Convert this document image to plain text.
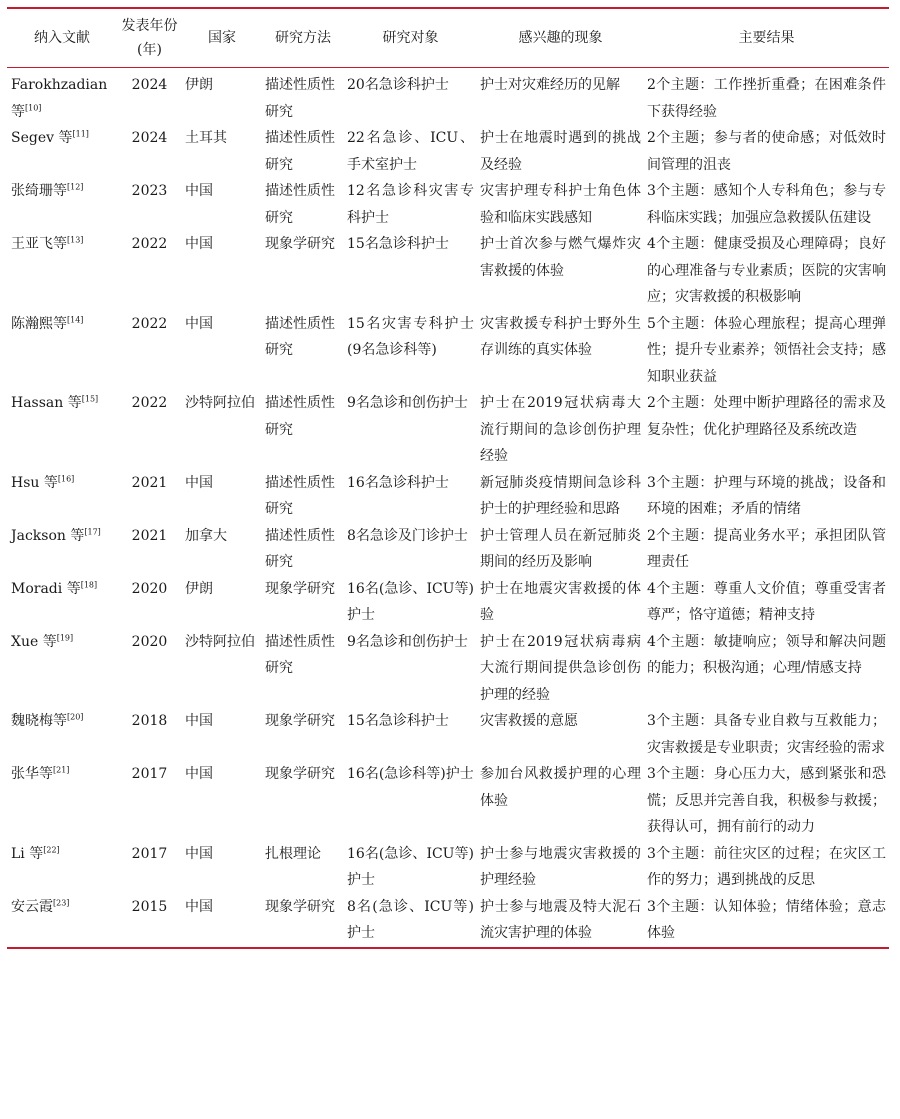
纳入文献	发表年份(年)	国家	研究方法	研究对象	感兴趣的现象	主要结果
Farokhzadian等[10]	2024	伊朗	描述性质性研究	20名急诊科护士	护士对灾难经历的见解	2个主题：工作挫折重叠；在困难条件下获得经验
Segev 等[11]	2024	土耳其	描述性质性研究	22名急诊、ICU、手术室护士	护士在地震时遇到的挑战及经验	2个主题；参与者的使命感；对低效时间管理的沮丧
张绮珊等[12]	2023	中国	描述性质性研究	12名急诊科灾害专科护士	灾害护理专科护士角色体验和临床实践感知	3个主题：感知个人专科角色；参与专科临床实践；加强应急救援队伍建设
王亚飞等[13]	2022	中国	现象学研究	15名急诊科护士	护士首次参与燃气爆炸灾害救援的体验	4个主题：健康受损及心理障碍；良好的心理准备与专业素质；医院的灾害响应；灾害救援的积极影响
陈瀚熙等[14]	2022	中国	描述性质性研究	15名灾害专科护士(9名急诊科等)	灾害救援专科护士野外生存训练的真实体验	5个主题：体验心理旅程；提高心理弹性；提升专业素养；领悟社会支持；感知职业获益
Hassan 等[15]	2022	沙特阿拉伯	描述性质性研究	9名急诊和创伤护士	护士在2019冠状病毒大流行期间的急诊创伤护理经验	2个主题：处理中断护理路径的需求及复杂性；优化护理路径及系统改造
Hsu 等[16]	2021	中国	描述性质性研究	16名急诊科护士	新冠肺炎疫情期间急诊科护士的护理经验和思路	3个主题：护理与环境的挑战；设备和环境的困难；矛盾的情绪
Jackson 等[17]	2021	加拿大	描述性质性研究	8名急诊及门诊护士	护士管理人员在新冠肺炎期间的经历及影响	2个主题：提高业务水平；承担团队管理责任
Moradi 等[18]	2020	伊朗	现象学研究	16名(急诊、ICU等)护士	护士在地震灾害救援的体验	4个主题：尊重人文价值；尊重受害者尊严；恪守道德；精神支持
Xue 等[19]	2020	沙特阿拉伯	描述性质性研究	9名急诊和创伤护士	护士在2019冠状病毒病大流行期间提供急诊创伤护理的经验	4个主题：敏捷响应；领导和解决问题的能力；积极沟通；心理/情感支持
魏晓梅等[20]	2018	中国	现象学研究	15名急诊科护士	灾害救援的意愿	3个主题：具备专业自救与互救能力；灾害救援是专业职责；灾害经验的需求
张华等[21]	2017	中国	现象学研究	16名(急诊科等)护士	参加台风救援护理的心理体验	3个主题：身心压力大，感到紧张和恐慌；反思并完善自我，积极参与救援；获得认可，拥有前行的动力
Li 等[22]	2017	中国	扎根理论	16名(急诊、ICU等)护士	护士参与地震灾害救援的护理经验	3个主题：前往灾区的过程；在灾区工作的努力；遇到挑战的反思
安云霞[23]	2015	中国	现象学研究	8名(急诊、ICU等)护士	护士参与地震及特大泥石流灾害护理的体验	3个主题：认知体验；情绪体验；意志体验
